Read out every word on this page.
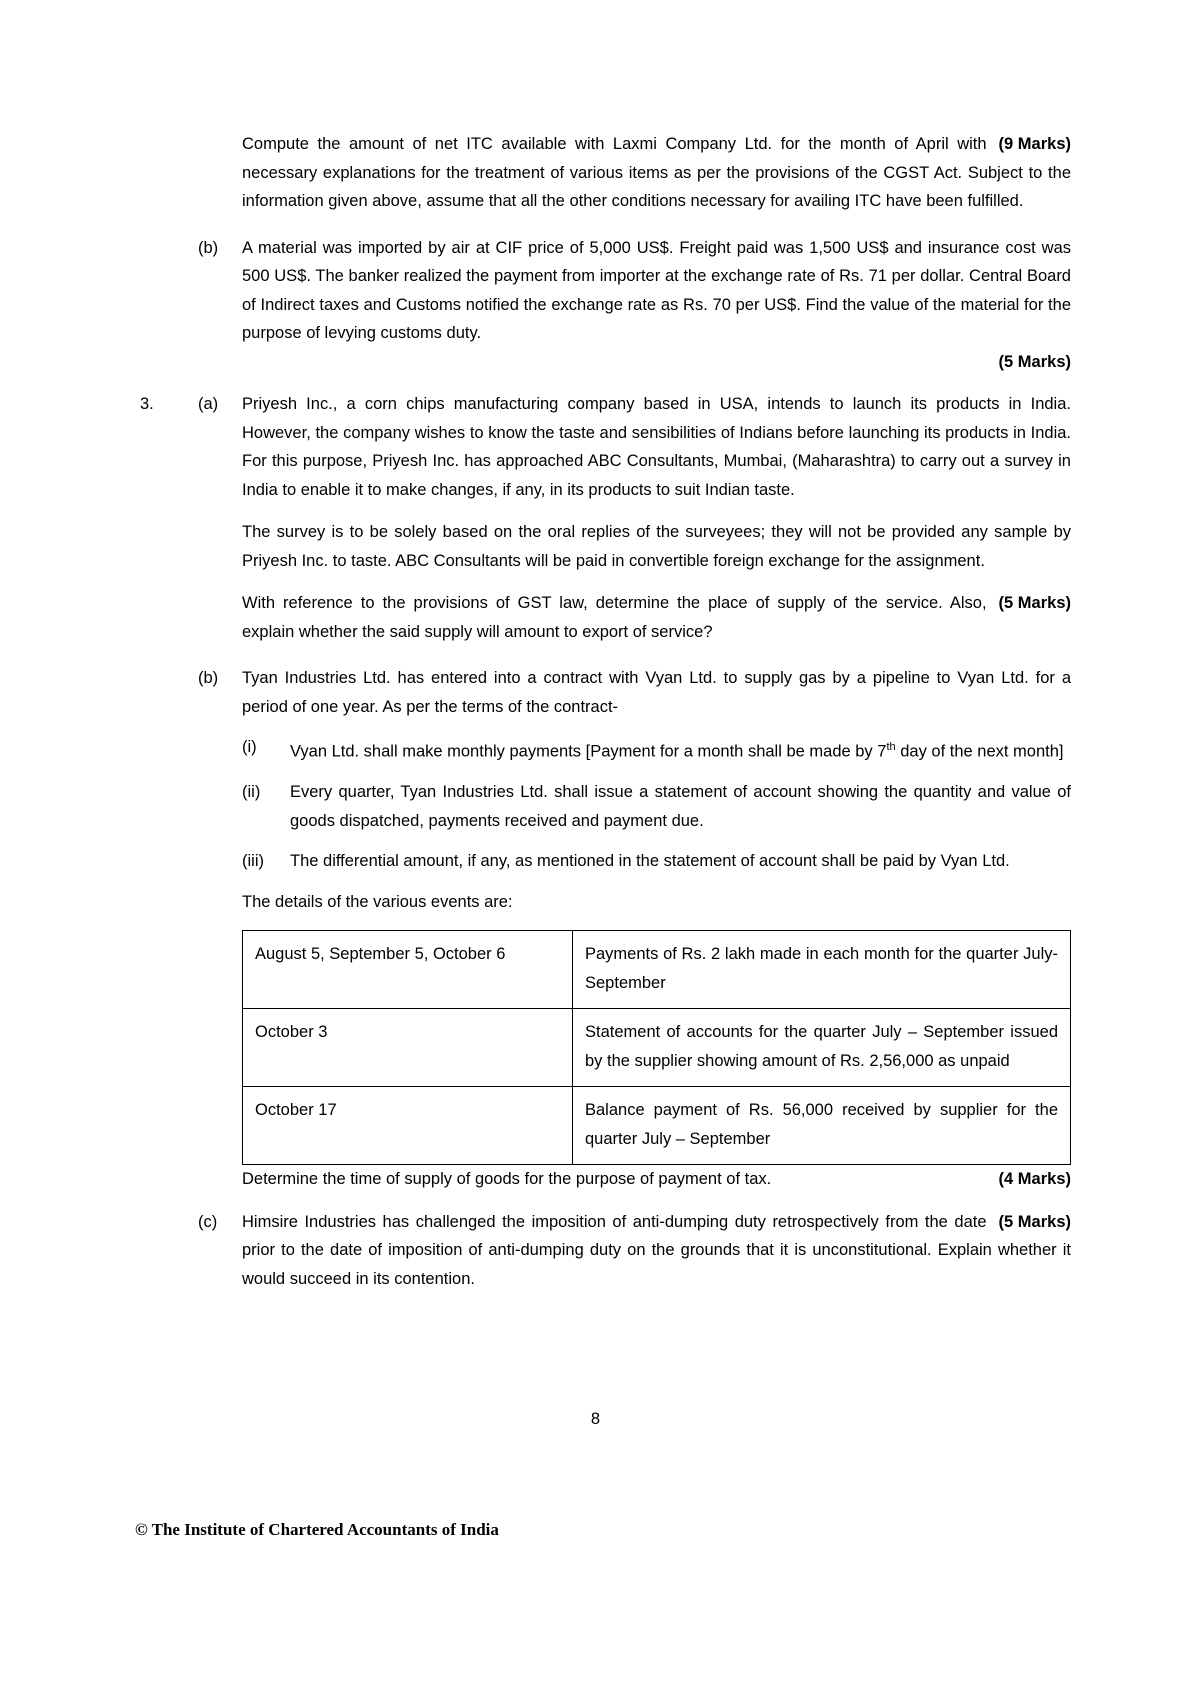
(9 Marks)
Compute the amount of net ITC available with Laxmi Company Ltd. for the month of April with necessary explanations for the treatment of various items as per the provisions of the CGST Act. Subject to the information given above, assume that all the other conditions necessary for availing ITC have been fulfilled.

(b)	A material was imported by air at CIF price of 5,000 US$. Freight paid was 1,500 US$ and insurance cost was 500 US$. The banker realized the payment from importer at the exchange rate of Rs. 71 per dollar. Central Board of Indirect taxes and Customs notified the exchange rate as Rs. 70 per US$. Find the value of the material for the purpose of levying customs duty.

(5 Marks)
3.	(a)	Priyesh Inc., a corn chips manufacturing company based in USA, intends to launch its products in India. However, the company wishes to know the taste and sensibilities of Indians before launching its products in India. For this purpose, Priyesh Inc. has approached ABC Consultants, Mumbai, (Maharashtra) to carry out a survey in India to enable it to make changes, if any, in its products to suit Indian taste.

The survey is to be solely based on the oral replies of the surveyees; they will not be provided any sample by Priyesh Inc. to taste. ABC Consultants will be paid in convertible foreign exchange for the assignment.

(5 Marks)
With reference to the provisions of GST law, determine the place of supply of the service. Also, explain whether the said supply will amount to export of service?

(b)	Tyan Industries Ltd. has entered into a contract with Vyan Ltd. to supply gas by a pipeline to Vyan Ltd. for a period of one year. As per the terms of the contract-

(i)	Vyan Ltd. shall make monthly payments [Payment for a month shall be made by 7th day of the next month]
(ii)	Every quarter, Tyan Industries Ltd. shall issue a statement of account showing the quantity and value of goods dispatched, payments received and payment due.
(iii)	The differential amount, if any, as mentioned in the statement of account shall be paid by Vyan Ltd.

The details of the various events are:

August 5, September 5, October 6	Payments of Rs. 2 lakh made in each month for the quarter July-September
October 3	Statement of accounts for the quarter July – September issued by the supplier showing amount of Rs. 2,56,000 as unpaid
October 17	Balance payment of Rs. 56,000 received by supplier for the quarter July – September

(4 Marks)
Determine the time of supply of goods for the purpose of payment of tax.

(c)	(5 Marks)
Himsire Industries has challenged the imposition of anti-dumping duty retrospectively from the date prior to the date of imposition of anti-dumping duty on the grounds that it is unconstitutional. Explain whether it would succeed in its contention.

8
© The Institute of Chartered Accountants of India
